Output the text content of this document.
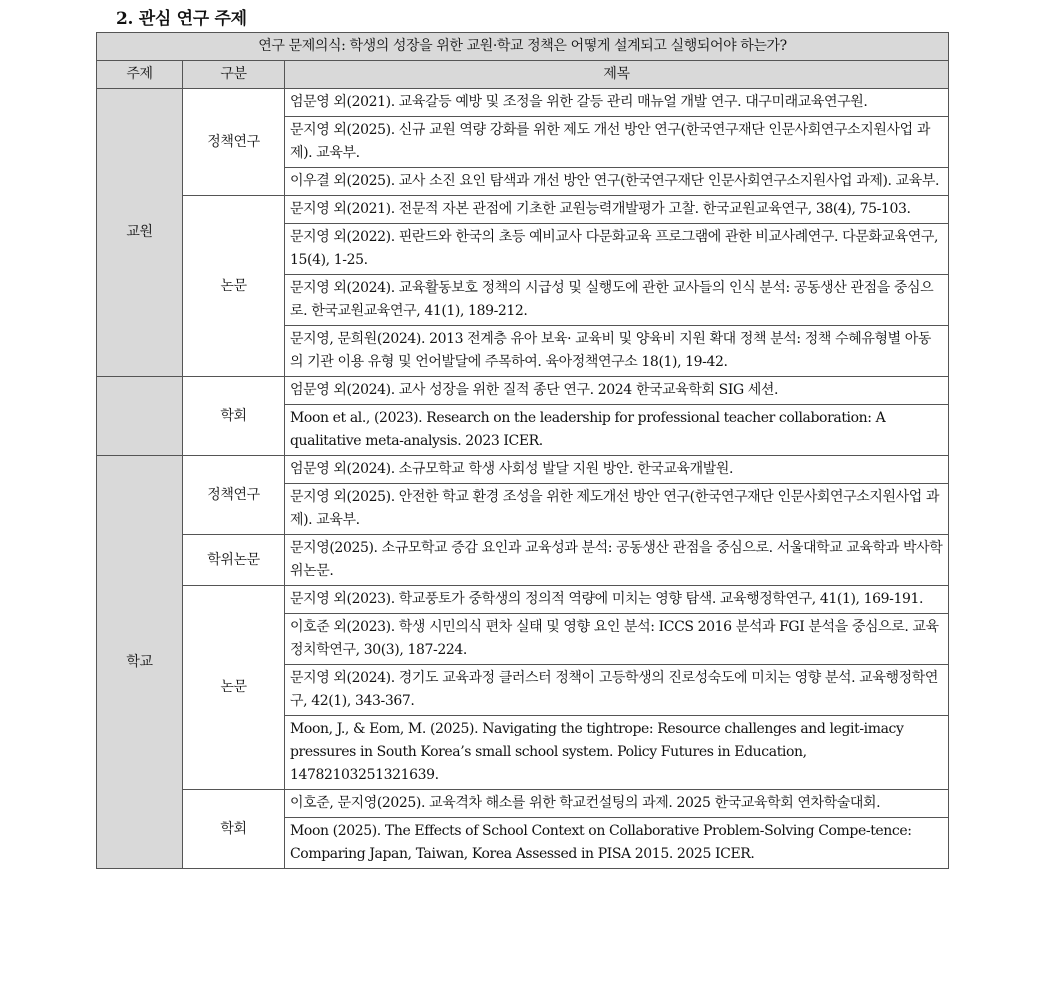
2. 관심 연구 주제
연구 문제의식: 학생의 성장을 위한 교원·학교 정책은 어떻게 설계되고 실행되어야 하는가?		
주제	구분	제목
교원	정책연구	엄문영 외(2021). 교육갈등 예방 및 조정을 위한 갈등 관리 매뉴얼 개발 연구. 대구미래교육연구원.
		문지영 외(2025). 신규 교원 역량 강화를 위한 제도 개선 방안 연구(한국연구재단 인문사회연구소지원사업 과제). 교육부.
		이우결 외(2025). 교사 소진 요인 탐색과 개선 방안 연구(한국연구재단 인문사회연구소지원사업 과제). 교육부.
	논문	문지영 외(2021). 전문적 자본 관점에 기초한 교원능력개발평가 고찰. 한국교원교육연구, 38(4), 75-103.
		문지영 외(2022). 핀란드와 한국의 초등 예비교사 다문화교육 프로그램에 관한 비교사례연구. 다문화교육연구, 15(4), 1-25.
		문지영 외(2024). 교육활동보호 정책의 시급성 및 실행도에 관한 교사들의 인식 분석: 공동생산 관점을 중심으로. 한국교원교육연구, 41(1), 189-212.
		문지영, 문희원(2024). 2013 전계층 유아 보육· 교육비 및 양육비 지원 확대 정책 분석: 정책 수혜유형별 아동의 기관 이용 유형 및 언어발달에 주목하여. 육아정책연구소 18(1), 19-42.
	학회	엄문영 외(2024). 교사 성장을 위한 질적 종단 연구. 2024 한국교육학회 SIG 세션.
		Moon et al., (2023). Research on the leadership for professional teacher collaboration: A qualitative meta-analysis. 2023 ICER.
학교	정책연구	엄문영 외(2024). 소규모학교 학생 사회성 발달 지원 방안. 한국교육개발원.
		문지영 외(2025). 안전한 학교 환경 조성을 위한 제도개선 방안 연구(한국연구재단 인문사회연구소지원사업 과제). 교육부.
	학위논문	문지영(2025). 소규모학교 증감 요인과 교육성과 분석: 공동생산 관점을 중심으로. 서울대학교 교육학과 박사학위논문.
	논문	문지영 외(2023). 학교풍토가 중학생의 정의적 역량에 미치는 영향 탐색. 교육행정학연구, 41(1), 169-191.
		이호준 외(2023). 학생 시민의식 편차 실태 및 영향 요인 분석: ICCS 2016 분석과 FGI 분석을 중심으로. 교육정치학연구, 30(3), 187-224.
		문지영 외(2024). 경기도 교육과정 클러스터 정책이 고등학생의 진로성숙도에 미치는 영향 분석. 교육행정학연구, 42(1), 343-367.
		Moon, J., & Eom, M. (2025). Navigating the tightrope: Resource challenges and legit-imacy pressures in South Korea’s small school system. Policy Futures in Education, 14782103251321639.
	학회	이호준, 문지영(2025). 교육격차 해소를 위한 학교컨설팅의 과제. 2025 한국교육학회 연차학술대회.
		Moon (2025). The Effects of School Context on Collaborative Problem-Solving Compe-tence: Comparing Japan, Taiwan, Korea Assessed in PISA 2015. 2025 ICER.
